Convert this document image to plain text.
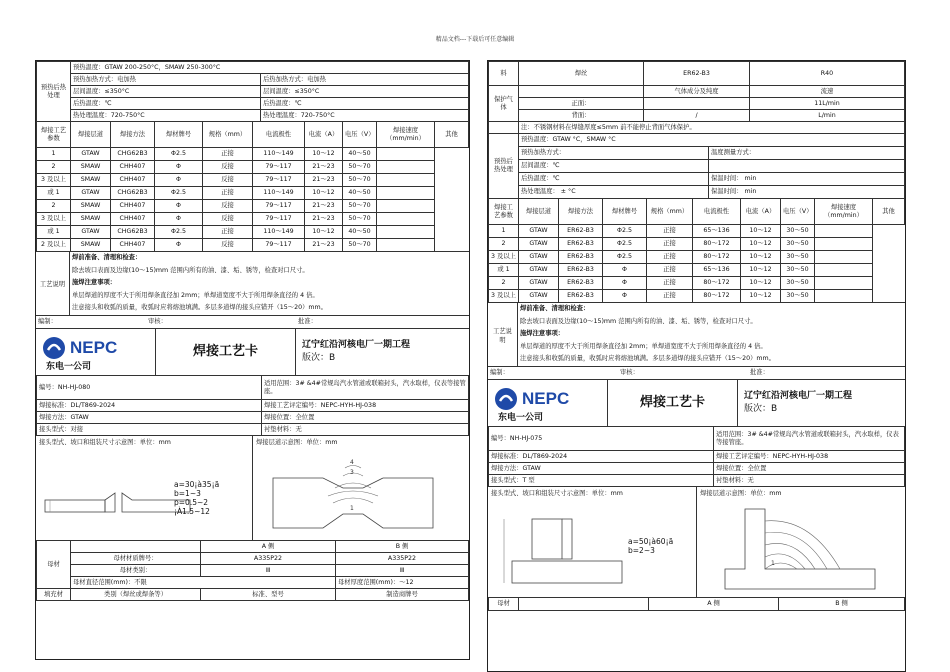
精品文档---下载后可任意编辑
预热后热处理	预热温度：GTAW 200-250°C，SMAW 250-300°C	
	预热加热方式：电加热	后热加热方式：电加热
	层间温度：≤350°C	层间温度：≤350°C
	后热温度：℃	后热温度：℃
	热处理温度：720-750°C	热处理温度：720-750°C
焊接工艺参数	焊接层道	焊接方法	焊材牌号	规格（mm）	电流极性	电流（A）	电压（V）	焊接速度（mm/min）	其他
1	GTAW	CHG62B3	Φ2.5	正接	110～149	10～12	40～50		
2	SMAW	CHH407	Φ	反接	79～117	21～23	50～70		
3 及以上	SMAW	CHH407	Φ	反接	79～117	21～23	50～70		
或 1	GTAW	CHG62B3	Φ2.5	正接	110～149	10～12	40～50		
2	SMAW	CHH407	Φ	反接	79～117	21～23	50～70		
3 及以上	SMAW	CHH407	Φ	反接	79～117	21～23	50～70		
或 1	GTAW	CHG62B3	Φ2.5	正接	110～149	10～12	40～50		
2 及以上	SMAW	CHH407	Φ	反接	79～117	21～23	50～70		
工艺说明
焊前准备、清理和检查：
除去坡口表面及边缘(10～15)mm 范围内所有的油、漆、垢、锈等，检查对口尺寸。
施焊注意事项：
单层焊道的厚度不大于所用焊条直径加 2mm；单焊道宽度不大于所用焊条直径的 4 倍。
注意接头和收弧的质量，收弧时应将熔池填满。多层多道焊的接头应错开（15～20）mm。
编制：	审核：	批准：
NEPC
东电一公司
焊接工艺卡	辽宁红沿河核电厂一期工程
版次：B
编号：NH-HJ-080	适用范围：3# &4#常规岛汽水管道或联箱封头，汽水取样，仪表等接管座。
焊接标准：DL/T869-2024	焊接工艺评定编号：NEPC-HYH-HJ-038
焊接方法：GTAW	焊接位置：全位置
接头型式：对接	衬垫材料：无
接头型式、坡口和组装尺寸示意图：单位：mm
a=30¡à35¡ã
b=1~3
p=0.5~2
¡À1.5~12
焊接层道示意图：单位：mm
4
3
1
母材		A 侧	B 侧
	母材材质牌号：	A335P22	A335P22
	母材类别：	Ⅲ	Ⅲ
	母材直径范围(mm)：不限		母材厚度范围(mm)：～12
填充材	类别（焊丝或焊条等）	标准、型号	制造商牌号
料	焊丝	ER62-B3	R40
保护气体		气体成分及纯度	流速
	正面：		11L/min
	背面：	/	L/min
	注：不锈钢材料在焊缝厚度≤5mm 前不能停止背面气体保护。		
预热后热处理	预热温度：GTAW °C，SMAW °C	
	预热加热方式：	温度测量方式：
	层间温度：℃	
	后热温度：℃	保温时间： min
	热处理温度： ± °C	保温时间： min
焊接工艺参数	焊接层道	焊接方法	焊材牌号	规格（mm）	电流极性	电流（A）	电压（V）	焊接速度（mm/min）	其他
1	GTAW	ER62-B3	Φ2.5	正接	65～136	10～12	30～50		
2	GTAW	ER62-B3	Φ2.5	正接	80～172	10～12	30～50		
3 及以上	GTAW	ER62-B3	Φ2.5	正接	80～172	10～12	30～50		
或 1	GTAW	ER62-B3	Φ	正接	65～136	10～12	30～50		
2	GTAW	ER62-B3	Φ	正接	80～172	10～12	30～50		
3 及以上	GTAW	ER62-B3	Φ	正接	80～172	10～12	30～50		
工艺说明
焊前准备、清理和检查：
除去坡口表面及边缘(10～15)mm 范围内所有的油、漆、垢、锈等，检查对口尺寸。
施焊注意事项：
单层焊道的厚度不大于所用焊条直径加 2mm；单焊道宽度不大于所用焊条直径的 4 倍。
注意接头和收弧的质量，收弧时应将熔池填满。多层多道焊的接头应错开（15～20）mm。
编制：	审核：	批准：
NEPC
东电一公司
焊接工艺卡	辽宁红沿河核电厂一期工程
版次：B
编号：NH-HJ-075	适用范围：3# &4#常规岛汽水管道或联箱封头，汽水取样，仪表等接管座。
焊接标准：DL/T869-2024	焊接工艺评定编号：NEPC-HYH-HJ-038
焊接方法：GTAW	焊接位置：全位置
接头型式：T 型	衬垫材料：无
接头型式、坡口和组装尺寸示意图：单位：mm
a=50¡à60¡ã
b=2~3
焊接层道示意图：单位：mm
1
母材		A 侧	B 侧
